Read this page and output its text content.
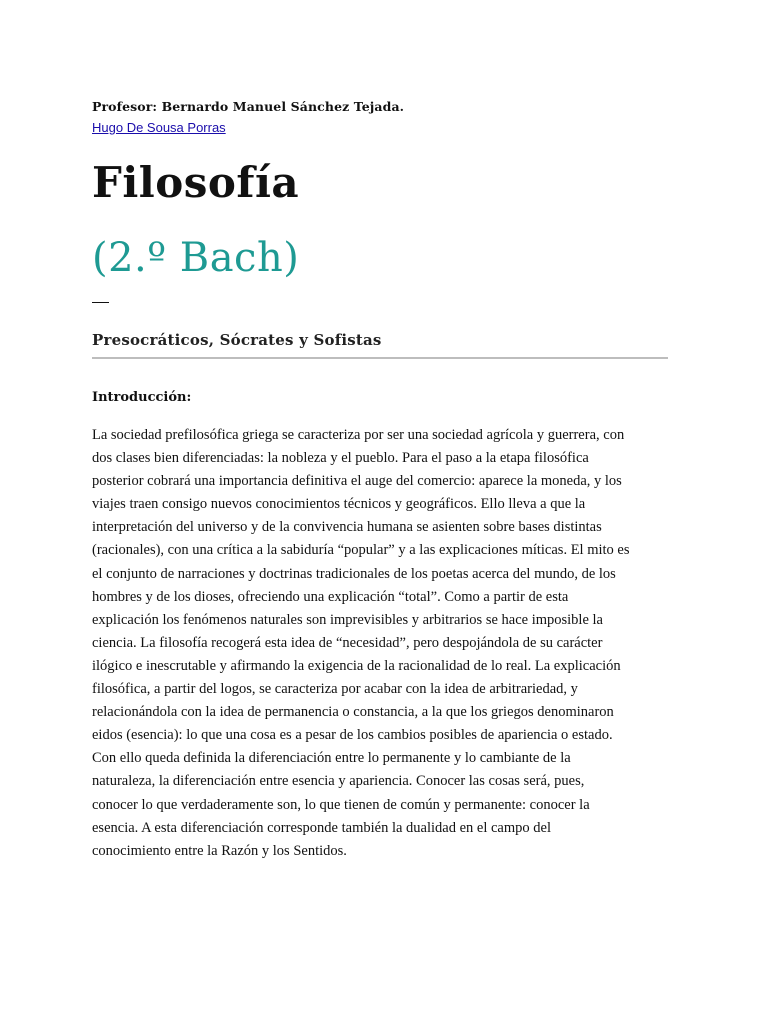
Profesor: Bernardo Manuel Sánchez Tejada.
Hugo De Sousa Porras
Filosofía
(2.º Bach)
Presocráticos, Sócrates y Sofistas
Introducción:
La sociedad prefilosófica griega se caracteriza por ser una sociedad agrícola y guerrera, con
dos clases bien diferenciadas: la nobleza y el pueblo. Para el paso a la etapa filosófica
posterior cobrará una importancia definitiva el auge del comercio: aparece la moneda, y los
viajes traen consigo nuevos conocimientos técnicos y geográficos. Ello lleva a que la
interpretación del universo y de la convivencia humana se asienten sobre bases distintas
(racionales), con una crítica a la sabiduría “popular” y a las explicaciones míticas. El mito es
el conjunto de narraciones y doctrinas tradicionales de los poetas acerca del mundo, de los
hombres y de los dioses, ofreciendo una explicación “total”. Como a partir de esta
explicación los fenómenos naturales son imprevisibles y arbitrarios se hace imposible la
ciencia. La filosofía recogerá esta idea de “necesidad”, pero despojándola de su carácter
ilógico e inescrutable y afirmando la exigencia de la racionalidad de lo real. La explicación
filosófica, a partir del logos, se caracteriza por acabar con la idea de arbitrariedad, y
relacionándola con la idea de permanencia o constancia, a la que los griegos denominaron
eidos (esencia): lo que una cosa es a pesar de los cambios posibles de apariencia o estado.
Con ello queda definida la diferenciación entre lo permanente y lo cambiante de la
naturaleza, la diferenciación entre esencia y apariencia. Conocer las cosas será, pues,
conocer lo que verdaderamente son, lo que tienen de común y permanente: conocer la
esencia. A esta diferenciación corresponde también la dualidad en el campo del
conocimiento entre la Razón y los Sentidos.
